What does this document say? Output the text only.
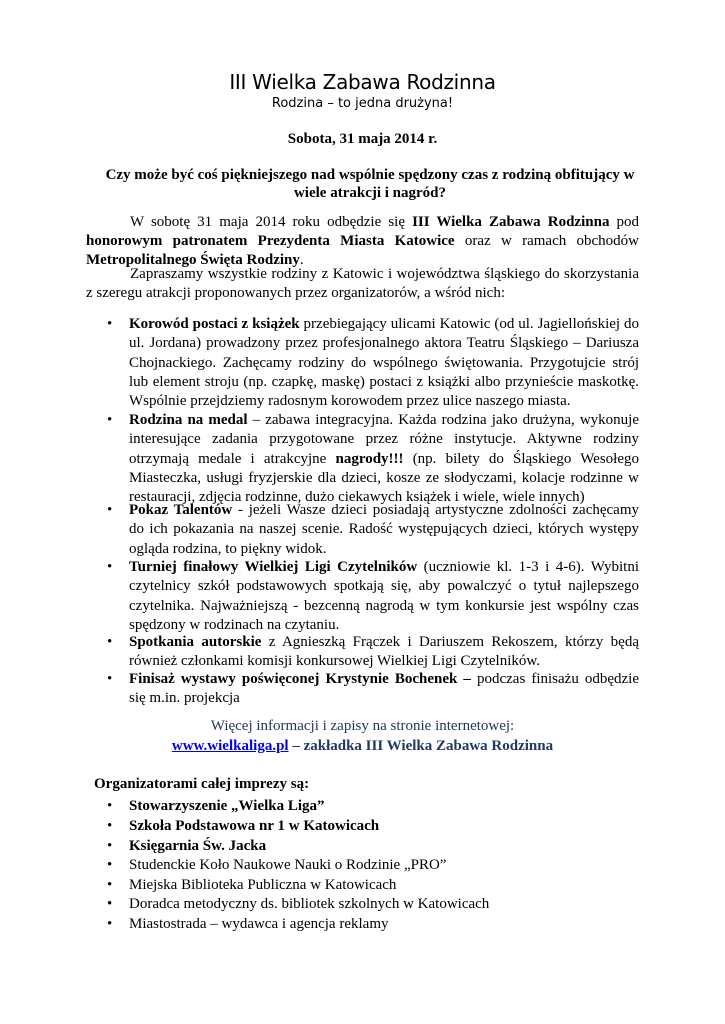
III Wielka Zabawa Rodzinna
Rodzina – to jedna drużyna!
Sobota, 31 maja 2014 r.
Czy może być coś piękniejszego nad wspólnie spędzony czas z rodziną obfitujący w wiele atrakcji i nagród?
W sobotę 31 maja 2014 roku odbędzie się III Wielka Zabawa Rodzinna pod honorowym patronatem Prezydenta Miasta Katowice oraz w ramach obchodów Metropolitalnego Święta Rodziny.
Zapraszamy wszystkie rodziny z Katowic i województwa śląskiego do skorzystania z szeregu atrakcji proponowanych przez organizatorów, a wśród nich:
• Korowód postaci z książek przebiegający ulicami Katowic (od ul. Jagiellońskiej do ul. Jordana) prowadzony przez profesjonalnego aktora Teatru Śląskiego – Dariusza Chojnackiego. Zachęcamy rodziny do wspólnego świętowania. Przygotujcie strój lub element stroju (np. czapkę, maskę) postaci z książki albo przynieście maskotkę. Wspólnie przejdziemy radosnym korowodem przez ulice naszego miasta.
• Rodzina na medal – zabawa integracyjna. Każda rodzina jako drużyna, wykonuje interesujące zadania przygotowane przez różne instytucje. Aktywne rodziny otrzymają medale i atrakcyjne nagrody!!! (np. bilety do Śląskiego Wesołego Miasteczka, usługi fryzjerskie dla dzieci, kosze ze słodyczami, kolacje rodzinne w restauracji, zdjęcia rodzinne, dużo ciekawych książek i wiele, wiele innych)
• Pokaz Talentów - jeżeli Wasze dzieci posiadają artystyczne zdolności zachęcamy do ich pokazania na naszej scenie. Radość występujących dzieci, których występy ogląda rodzina, to piękny widok.
• Turniej finałowy Wielkiej Ligi Czytelników (uczniowie kl. 1-3 i 4-6). Wybitni czytelnicy szkół podstawowych spotkają się, aby powalczyć o tytuł najlepszego czytelnika. Najważniejszą - bezcenną nagrodą w tym konkursie jest wspólny czas spędzony w rodzinach na czytaniu.
• Spotkania autorskie z Agnieszką Frączek i Dariuszem Rekoszem, którzy będą również członkami komisji konkursowej Wielkiej Ligi Czytelników.
• Finisaż wystawy poświęconej Krystynie Bochenek – podczas finisażu odbędzie się m.in. projekcja
Więcej informacji i zapisy na stronie internetowej:
www.wielkaliga.pl – zakładka III Wielka Zabawa Rodzinna
Organizatorami całej imprezy są:
• Stowarzyszenie „Wielka Liga”
• Szkoła Podstawowa nr 1 w Katowicach
• Księgarnia Św. Jacka
• Studenckie Koło Naukowe Nauki o Rodzinie „PRO”
• Miejska Biblioteka Publiczna w Katowicach
• Doradca metodyczny ds. bibliotek szkolnych w Katowicach
• Miastostrada – wydawca i agencja reklamy
